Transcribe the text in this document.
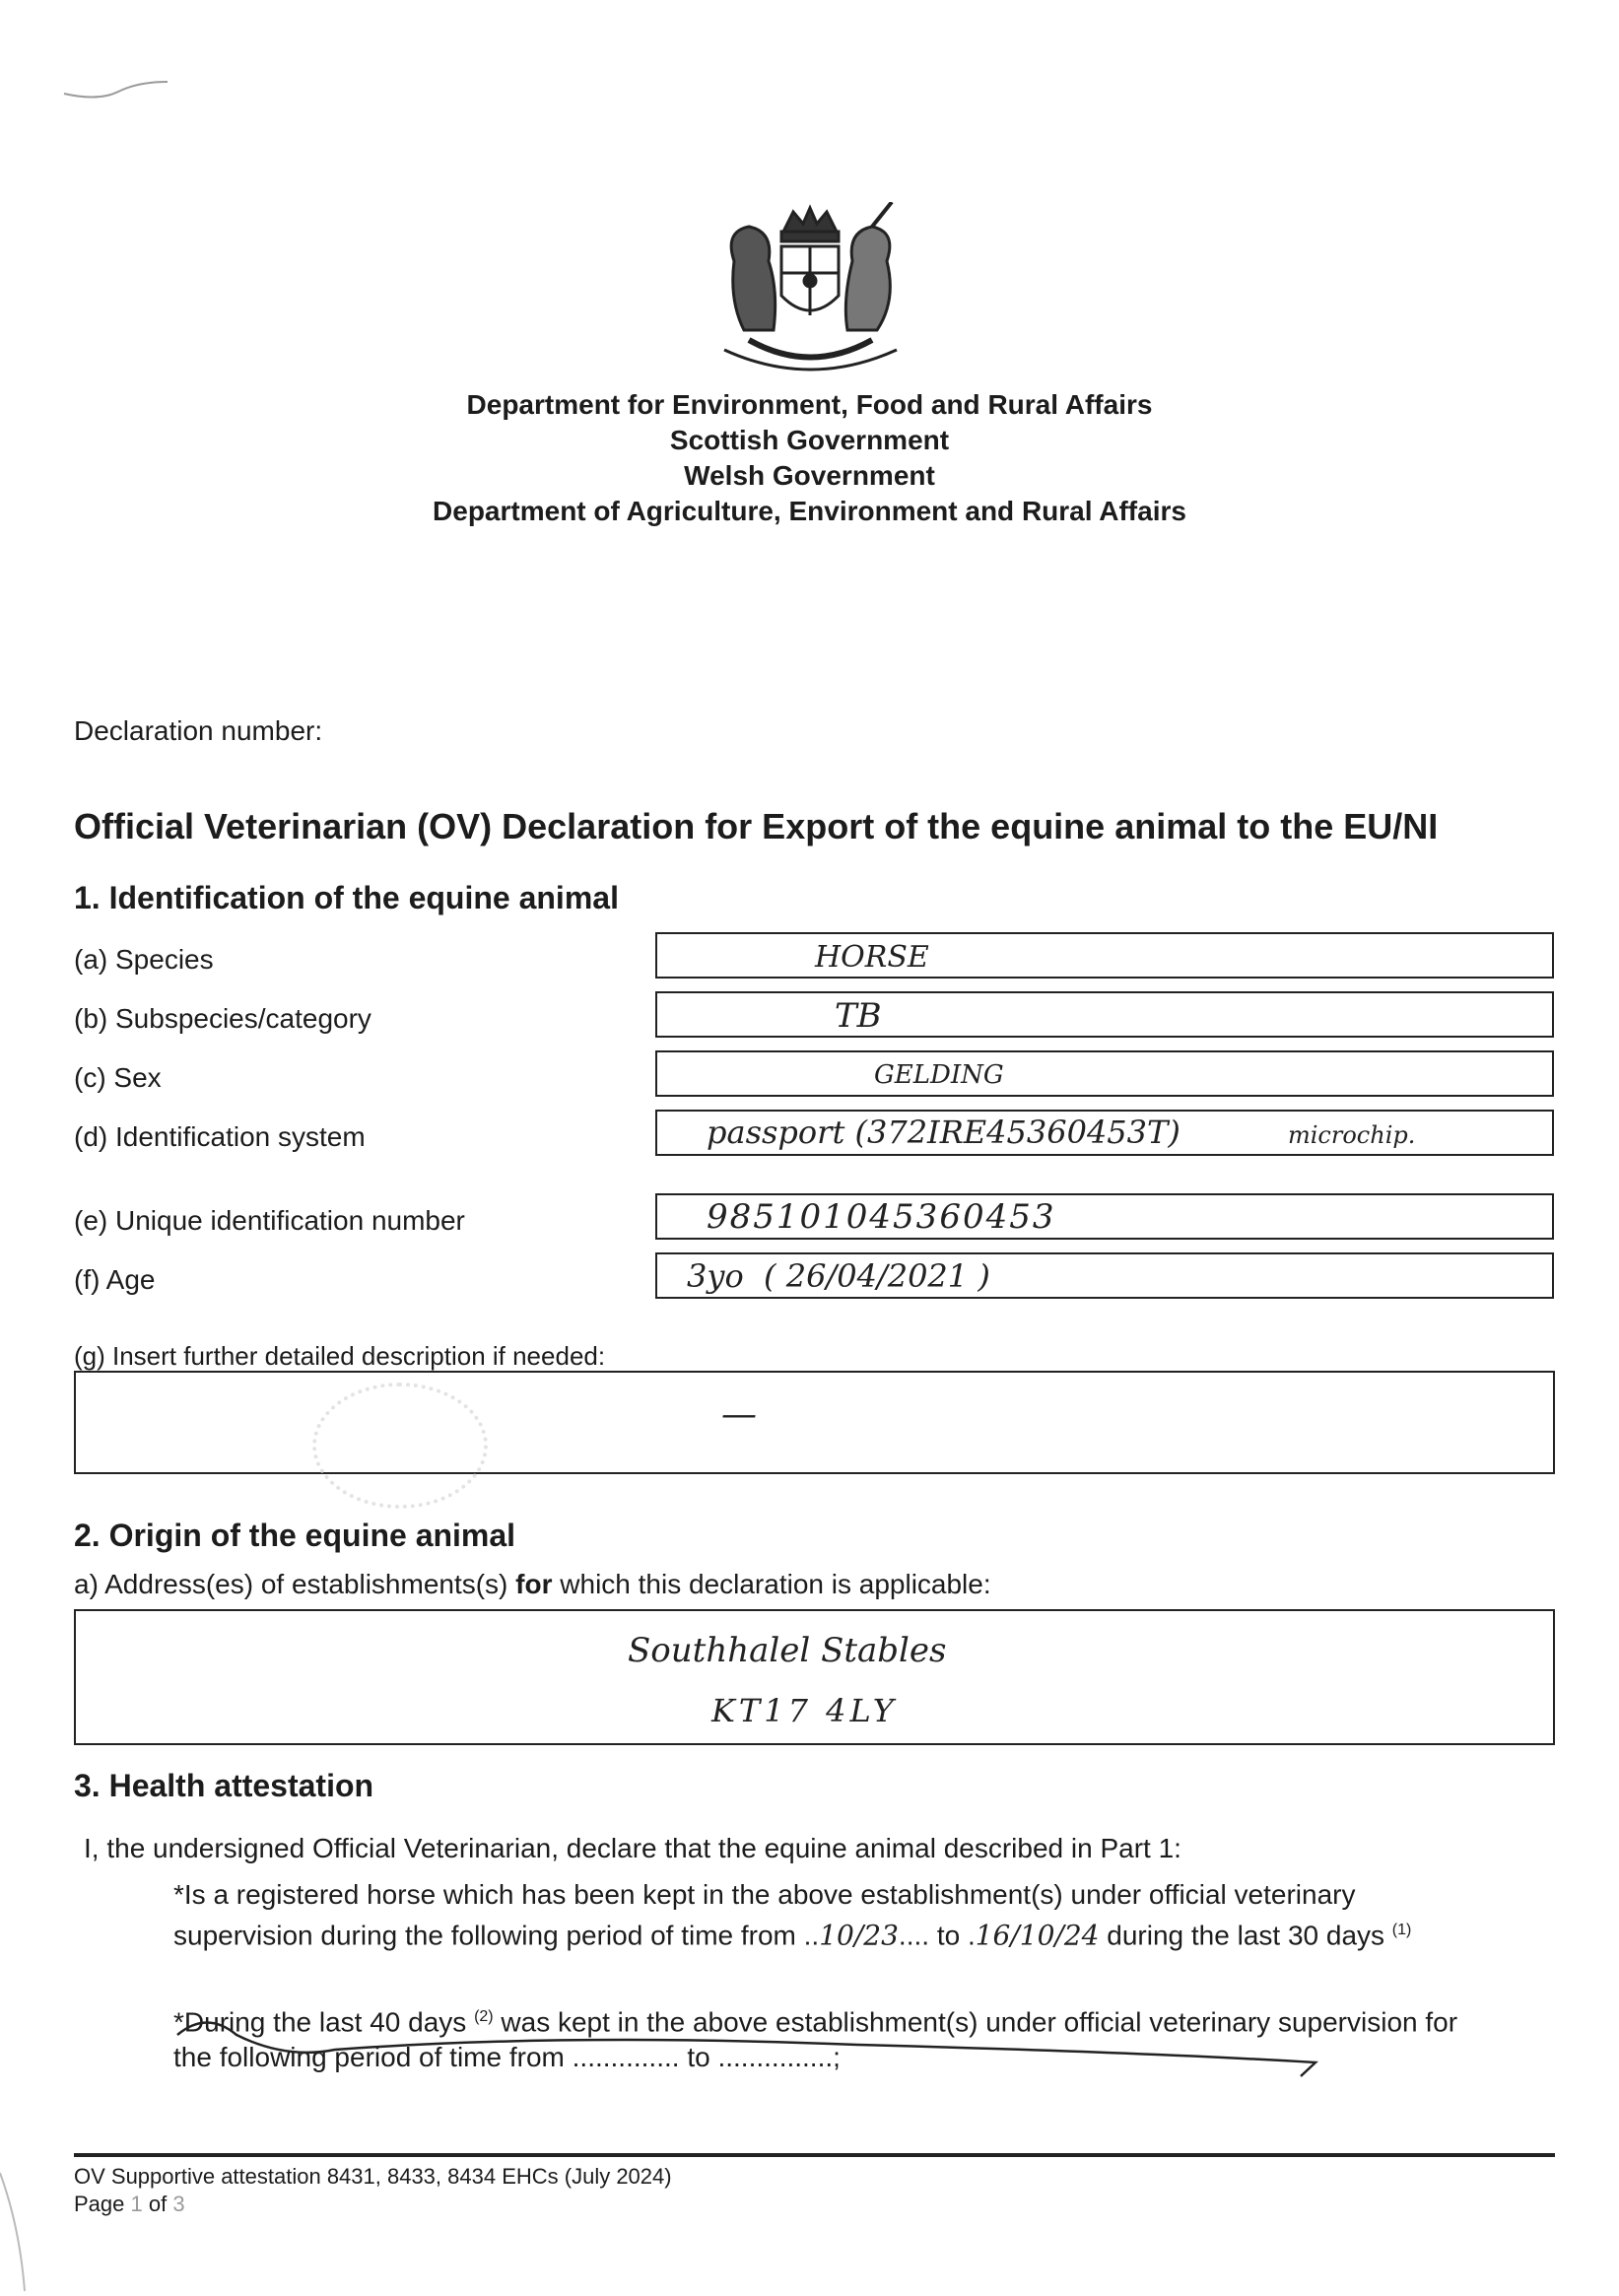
Department for Environment, Food and Rural Affairs
Scottish Government
Welsh Government
Department of Agriculture, Environment and Rural Affairs
Declaration number:
Official Veterinarian (OV) Declaration for Export of the equine animal to the EU/NI
1. Identification of the equine animal
(a) Species	HORSE
(b) Subspecies/category	TB
(c) Sex	GELDING
(d) Identification system	passport (372IRE45360453T)	microchip.
(e) Unique identification number	985101045360453
(f) Age	3yo  ( 26/04/2021 )
(g) Insert further detailed description if needed:
—
2. Origin of the equine animal
a) Address(es) of establishments(s) for which this declaration is applicable:
Southhalel Stables
KT17 4LY
3. Health attestation
I, the undersigned Official Veterinarian, declare that the equine animal described in Part 1:
*Is a registered horse which has been kept in the above establishment(s) under official veterinary
supervision during the following period of time from ..10/23.... to .16/10/24 during the last 30 days $^{(1)}$
*During the last 40 days $^{(2)}$ was kept in the above establishment(s) under official veterinary supervision for
the following period of time from .............. to ...............;
OV Supportive attestation 8431, 8433, 8434 EHCs (July 2024)
Page 1 of 3
